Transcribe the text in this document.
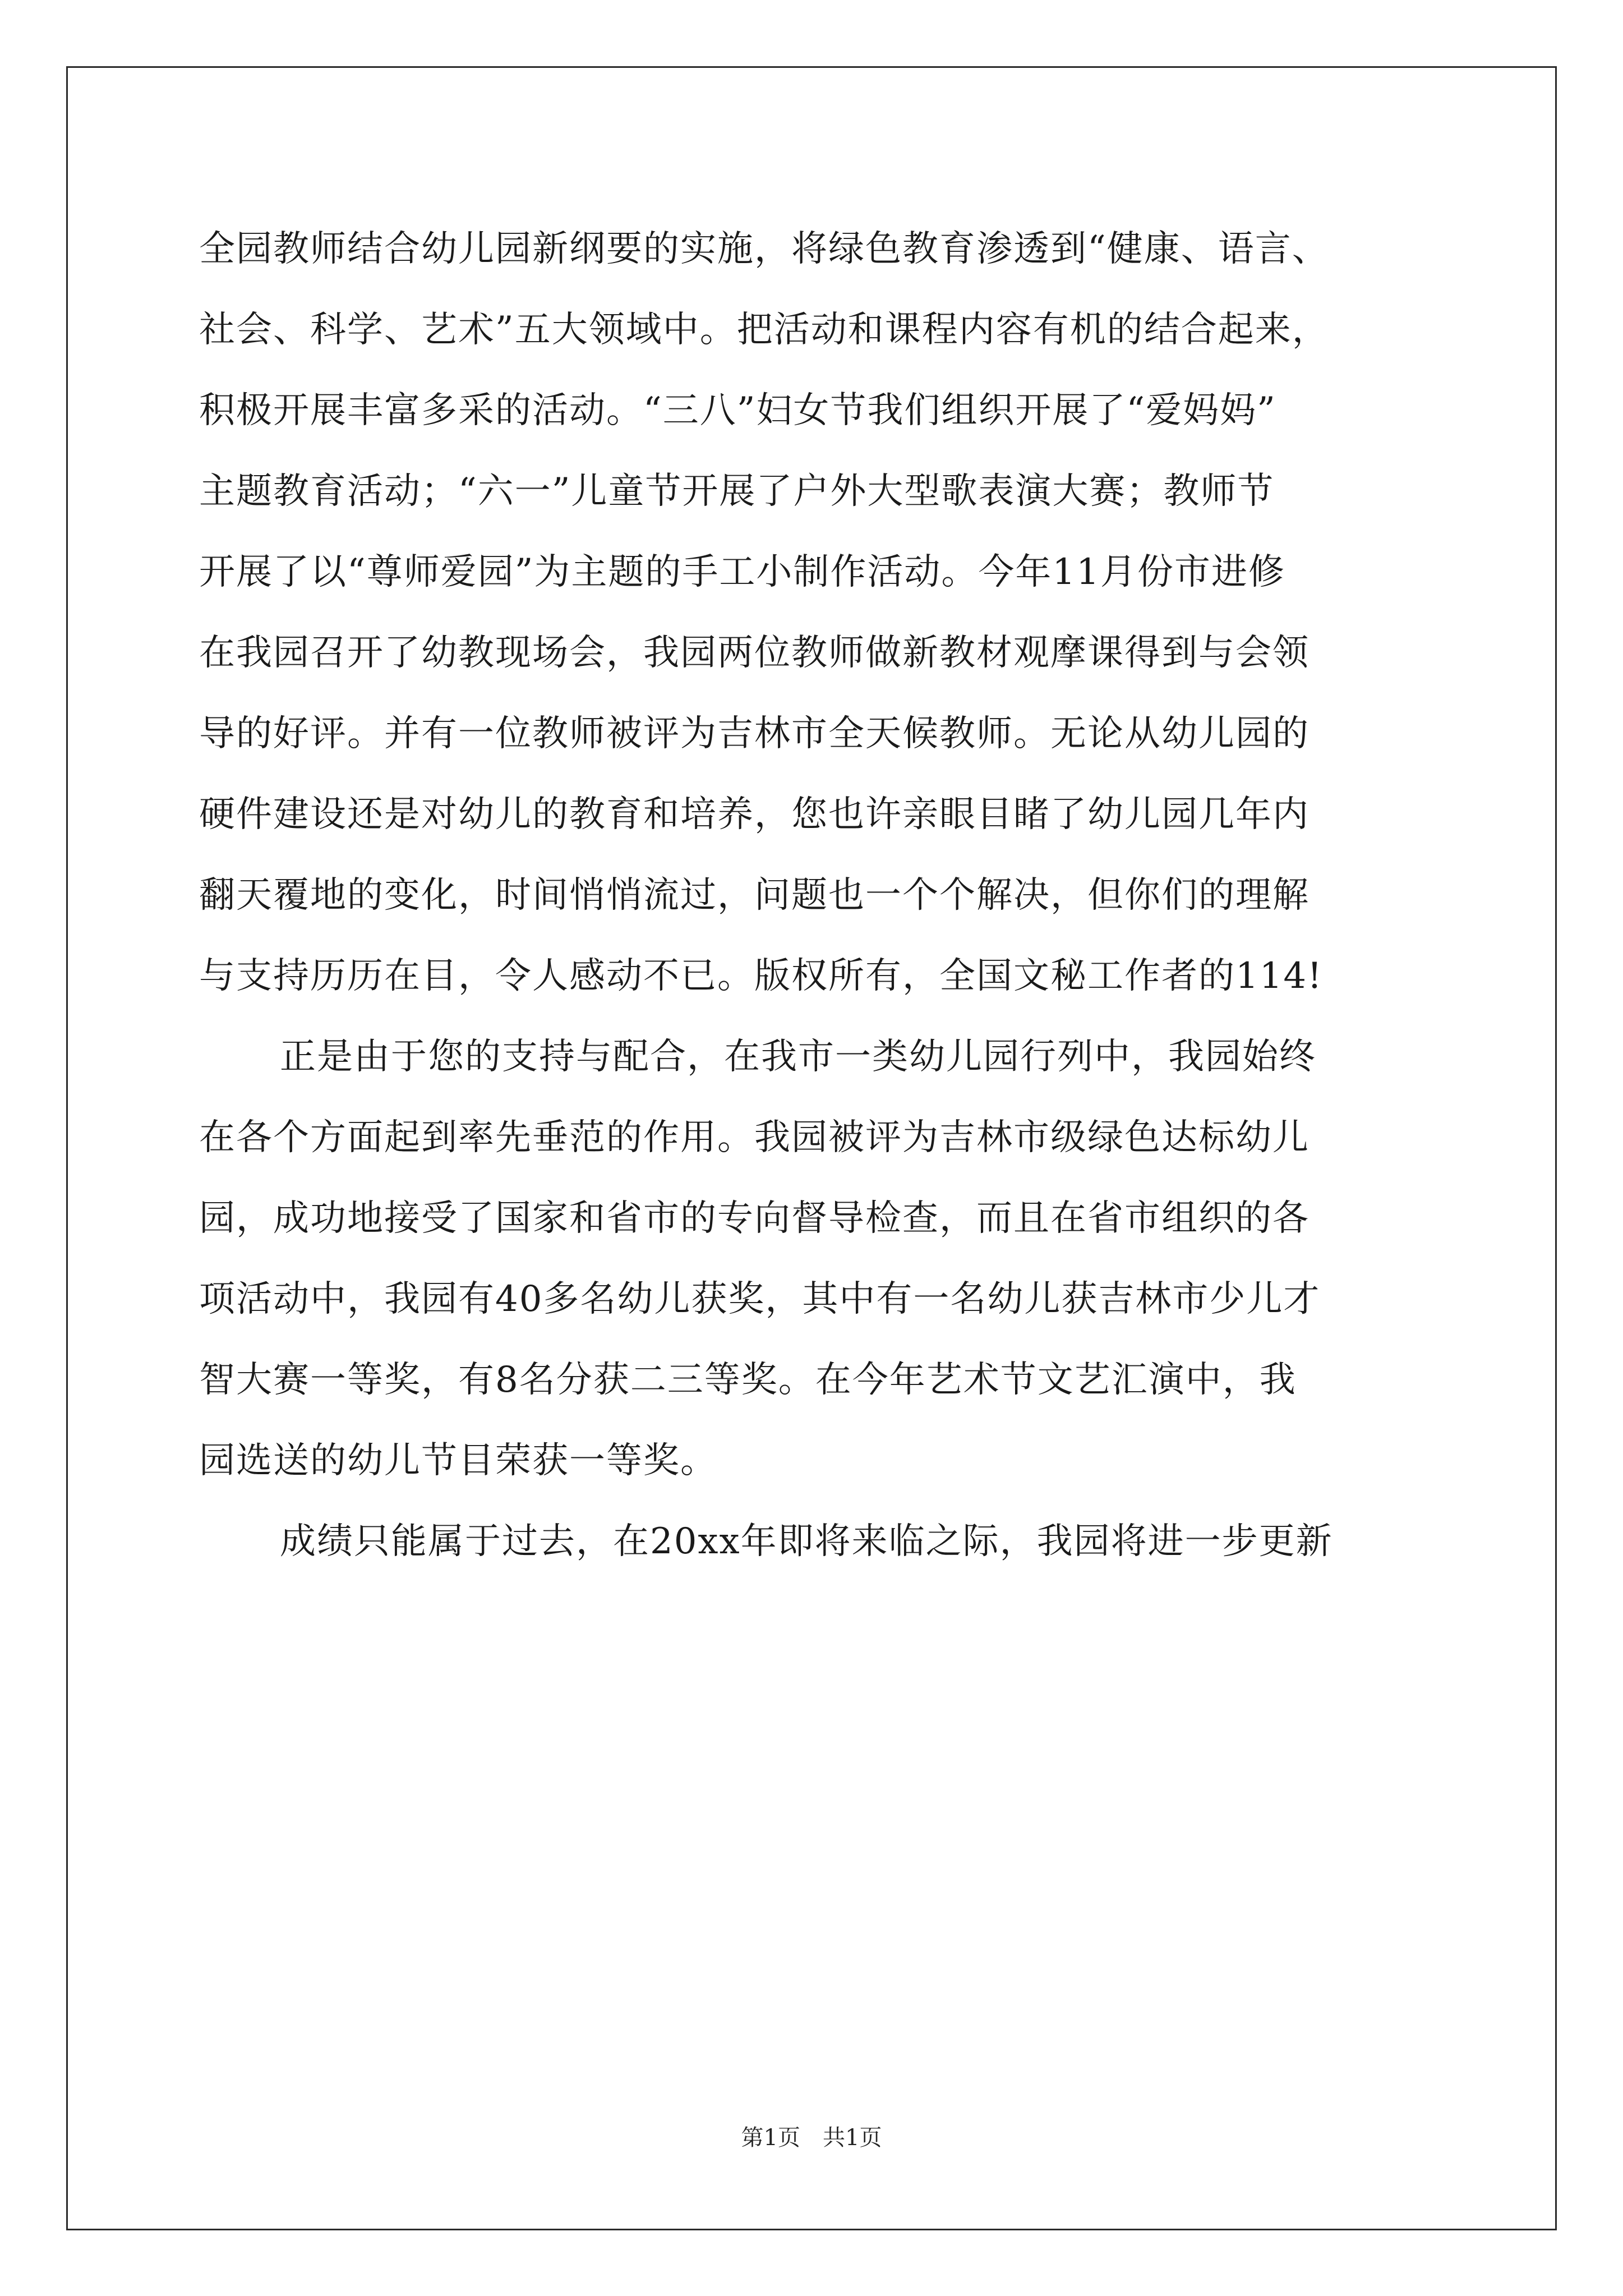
全园教师结合幼儿园新纲要的实施，将绿色教育渗透到“健康、语言、
社会、科学、艺术”五大领域中。把活动和课程内容有机的结合起来，
积极开展丰富多采的活动。“三八”妇女节我们组织开展了“爱妈妈”
主题教育活动；“六一”儿童节开展了户外大型歌表演大赛；教师节
开展了以“尊师爱园”为主题的手工小制作活动。今年11月份市进修
在我园召开了幼教现场会，我园两位教师做新教材观摩课得到与会领
导的好评。并有一位教师被评为吉林市全天候教师。无论从幼儿园的
硬件建设还是对幼儿的教育和培养，您也许亲眼目睹了幼儿园几年内
翻天覆地的变化，时间悄悄流过，问题也一个个解决，但你们的理解
与支持历历在目，令人感动不已。版权所有，全国文秘工作者的114!
正是由于您的支持与配合，在我市一类幼儿园行列中，我园始终
在各个方面起到率先垂范的作用。我园被评为吉林市级绿色达标幼儿
园，成功地接受了国家和省市的专向督导检查，而且在省市组织的各
项活动中，我园有40多名幼儿获奖，其中有一名幼儿获吉林市少儿才
智大赛一等奖，有8名分获二三等奖。在今年艺术节文艺汇演中，我
园选送的幼儿节目荣获一等奖。
成绩只能属于过去，在20xx年即将来临之际，我园将进一步更新
第1页 共1页
